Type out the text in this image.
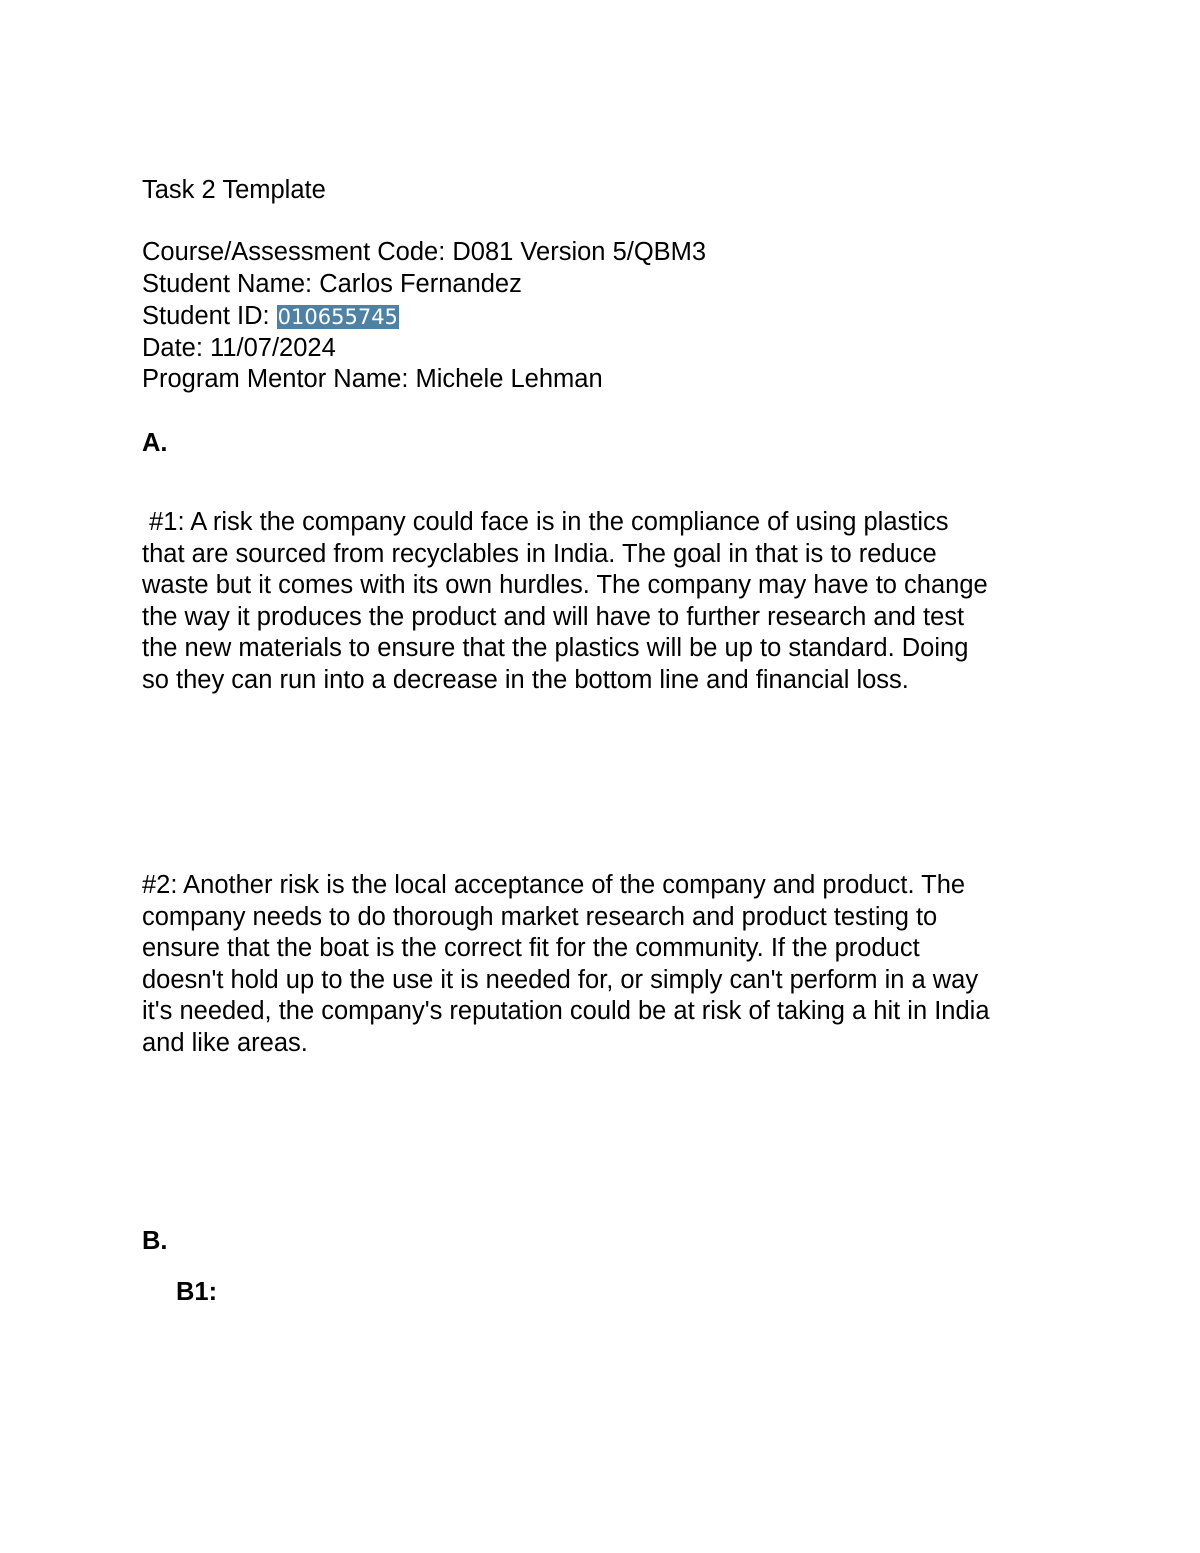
Task 2 Template
Course/Assessment Code: D081 Version 5/QBM3
Student Name: Carlos Fernandez
Student ID: 010655745
Date: 11/07/2024
Program Mentor Name: Michele Lehman
A.
#1: A risk the company could face is in the compliance of using plastics
that are sourced from recyclables in India. The goal in that is to reduce
waste but it comes with its own hurdles. The company may have to change
the way it produces the product and will have to further research and test
the new materials to ensure that the plastics will be up to standard. Doing
so they can run into a decrease in the bottom line and financial loss.
#2: Another risk is the local acceptance of the company and product. The
company needs to do thorough market research and product testing to
ensure that the boat is the correct fit for the community. If the product
doesn't hold up to the use it is needed for, or simply can't perform in a way
it's needed, the company's reputation could be at risk of taking a hit in India
and like areas.
B.
B1:
